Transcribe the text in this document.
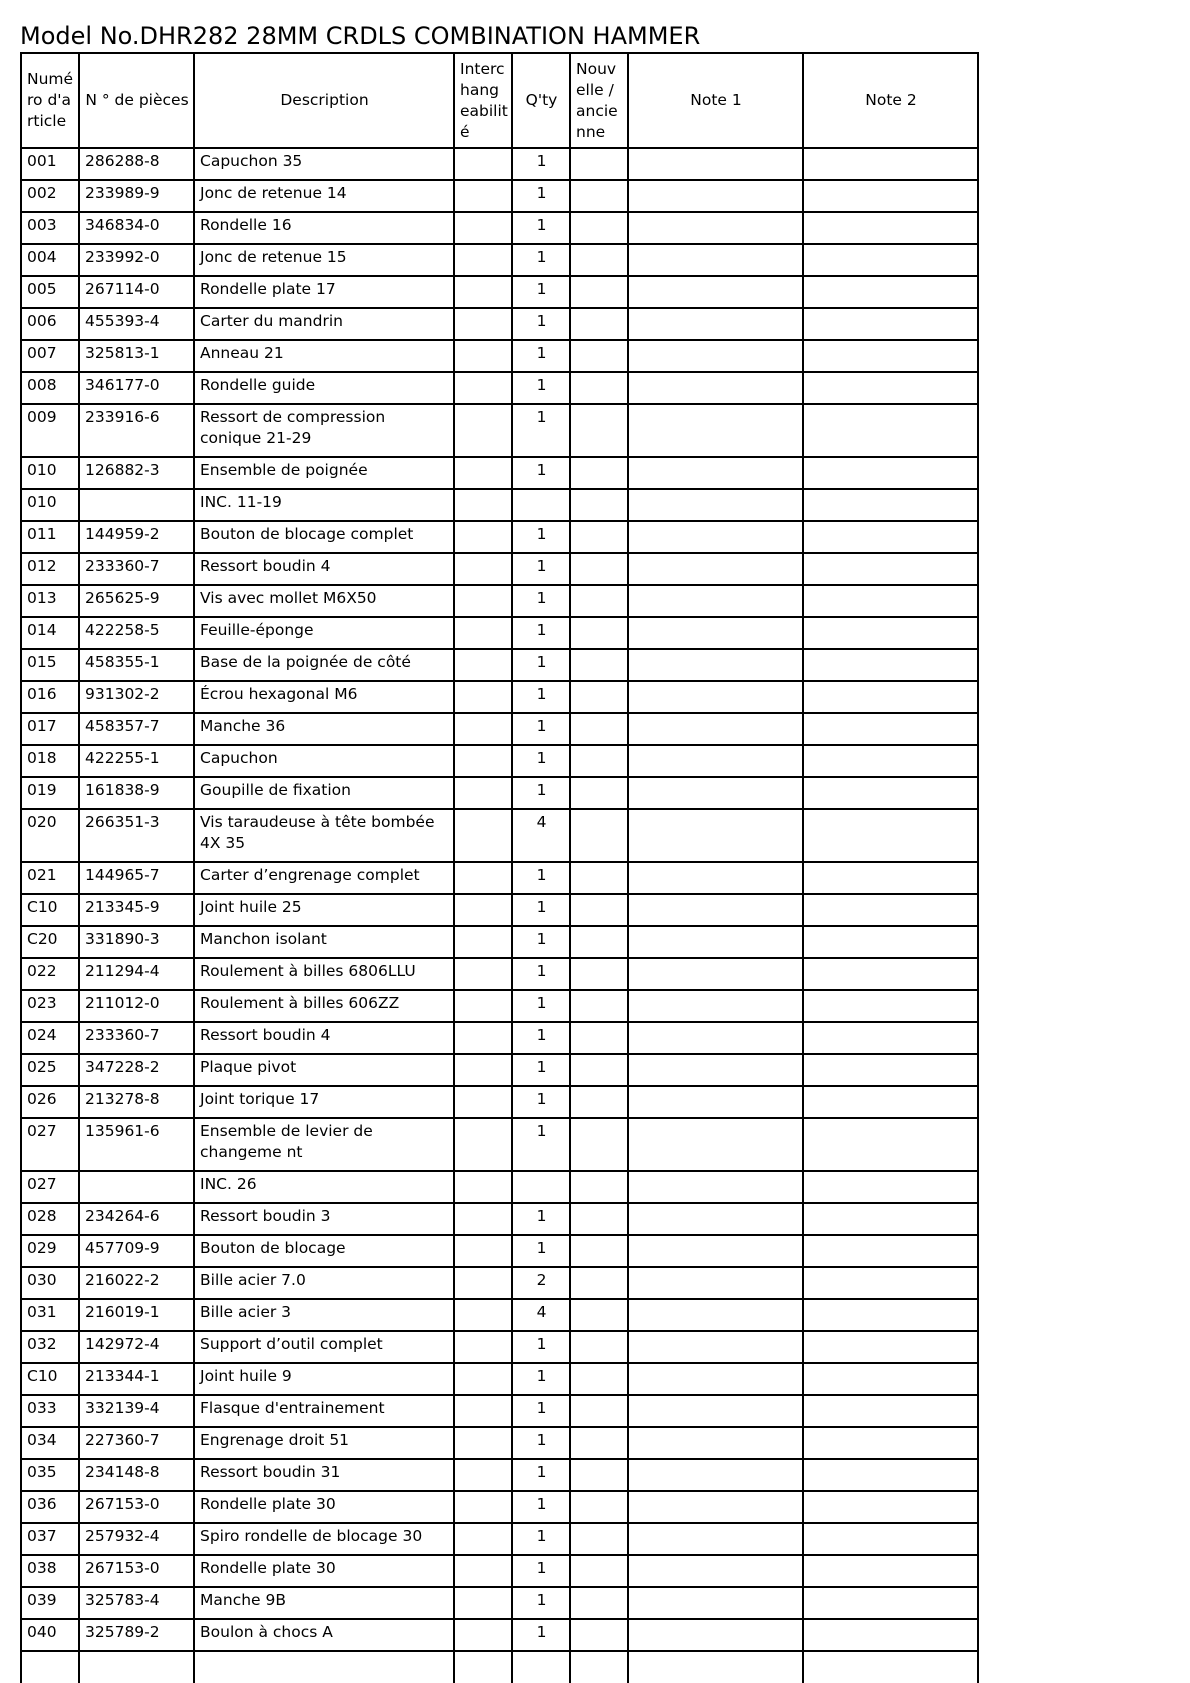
Model No.DHR282 28MM CRDLS COMBINATION HAMMER
Numé ro d'a rticle	N ° de pièces	Description	Interc hang eabilit é	Q'ty	Nouv elle / ancie nne	Note 1	Note 2
001	286288-8	Capuchon 35		1			
002	233989-9	Jonc de retenue 14		1			
003	346834-0	Rondelle 16		1			
004	233992-0	Jonc de retenue 15		1			
005	267114-0	Rondelle plate 17		1			
006	455393-4	Carter du mandrin		1			
007	325813-1	Anneau 21		1			
008	346177-0	Rondelle guide		1			
009	233916-6	Ressort de compression conique 21-29		1			
010	126882-3	Ensemble de poignée		1			
010		INC. 11-19					
011	144959-2	Bouton de blocage complet		1			
012	233360-7	Ressort boudin 4		1			
013	265625-9	Vis avec mollet M6X50		1			
014	422258-5	Feuille-éponge		1			
015	458355-1	Base de la poignée de côté		1			
016	931302-2	Écrou hexagonal M6		1			
017	458357-7	Manche 36		1			
018	422255-1	Capuchon		1			
019	161838-9	Goupille de fixation		1			
020	266351-3	Vis taraudeuse à tête bombée 4X 35		4			
021	144965-7	Carter d’engrenage complet		1			
C10	213345-9	Joint huile 25		1			
C20	331890-3	Manchon isolant		1			
022	211294-4	Roulement à billes 6806LLU		1			
023	211012-0	Roulement à billes 606ZZ		1			
024	233360-7	Ressort boudin 4		1			
025	347228-2	Plaque pivot		1			
026	213278-8	Joint torique 17		1			
027	135961-6	Ensemble de levier de changeme nt		1			
027		INC. 26					
028	234264-6	Ressort boudin 3		1			
029	457709-9	Bouton de blocage		1			
030	216022-2	Bille acier 7.0		2			
031	216019-1	Bille acier 3		4			
032	142972-4	Support d’outil complet		1			
C10	213344-1	Joint huile 9		1			
033	332139-4	Flasque d'entrainement		1			
034	227360-7	Engrenage droit 51		1			
035	234148-8	Ressort boudin 31		1			
036	267153-0	Rondelle plate 30		1			
037	257932-4	Spiro rondelle de blocage 30		1			
038	267153-0	Rondelle plate 30		1			
039	325783-4	Manche 9B		1			
040	325789-2	Boulon à chocs A		1			
